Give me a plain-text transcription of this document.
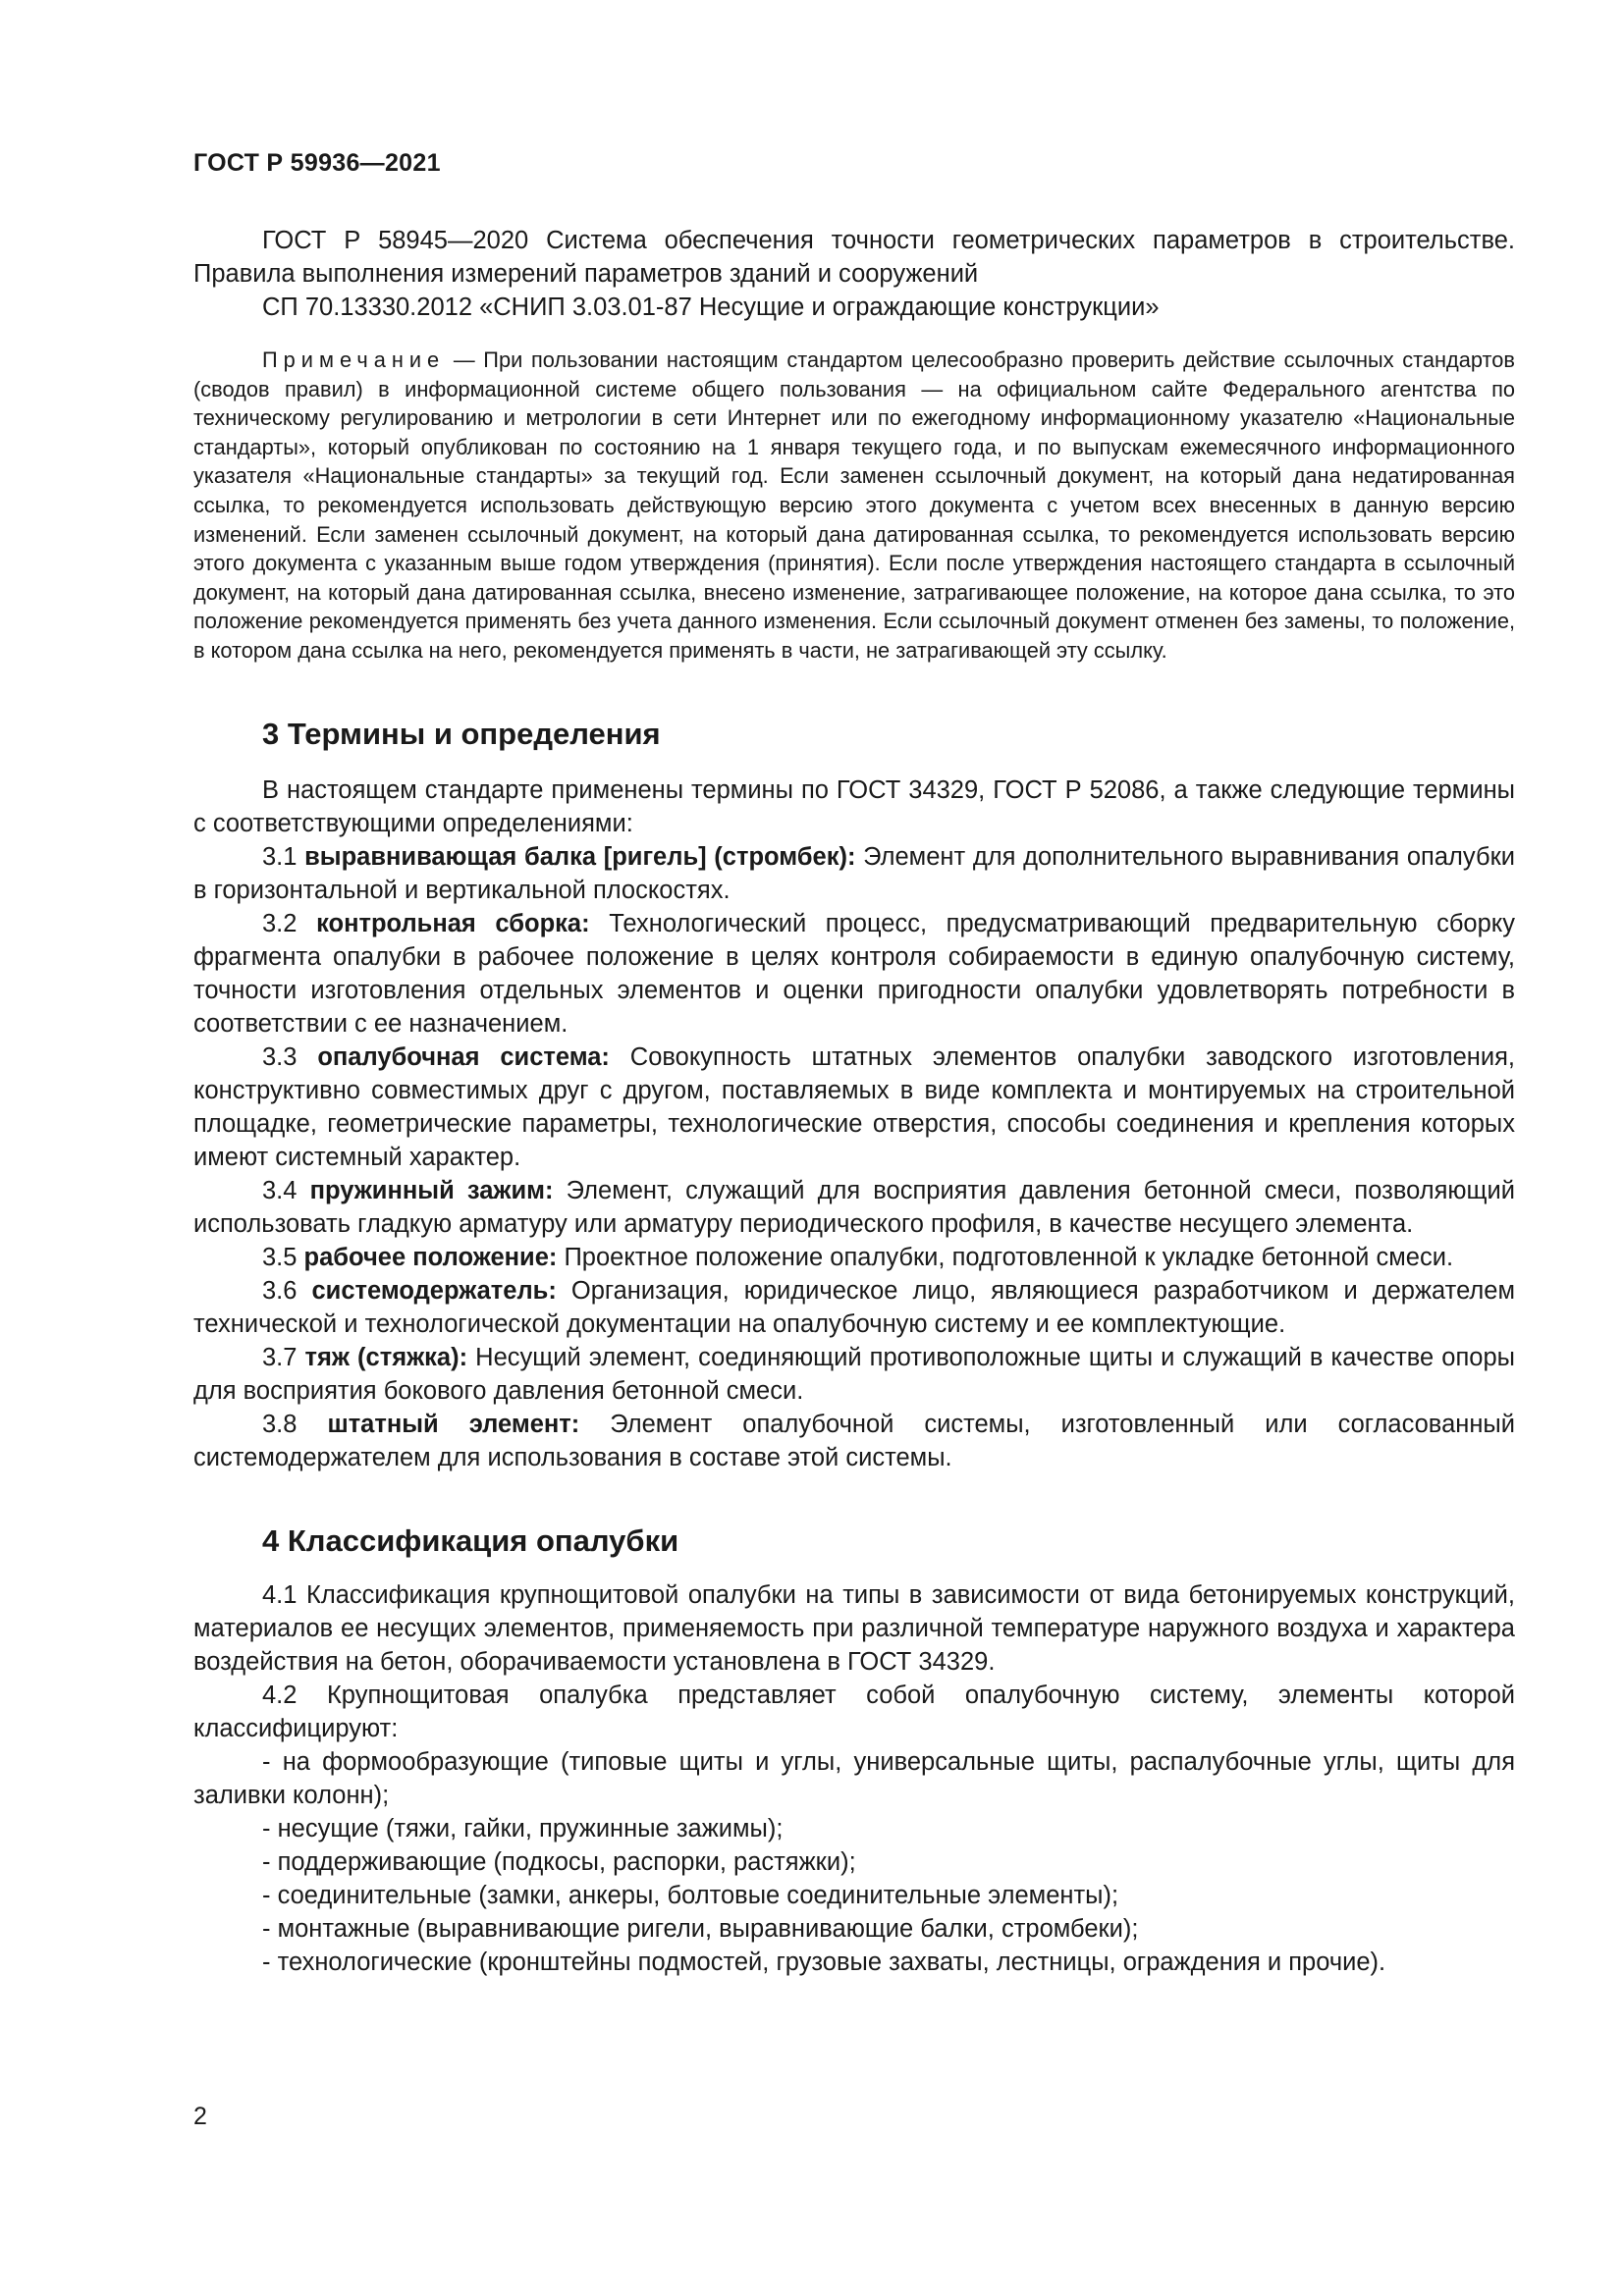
ГОСТ Р 59936—2021

ГОСТ Р 58945—2020 Система обеспечения точности геометрических параметров в строительстве. Правила выполнения измерений параметров зданий и сооружений

СП 70.13330.2012 «СНИП 3.03.01-87 Несущие и ограждающие конструкции»

Примечание — При пользовании настоящим стандартом целесообразно проверить действие ссылочных стандартов (сводов правил) в информационной системе общего пользования — на официальном сайте Федерального агентства по техническому регулированию и метрологии в сети Интернет или по ежегодному информационному указателю «Национальные стандарты», который опубликован по состоянию на 1 января текущего года, и по выпускам ежемесячного информационного указателя «Национальные стандарты» за текущий год. Если заменен ссылочный документ, на который дана недатированная ссылка, то рекомендуется использовать действующую версию этого документа с учетом всех внесенных в данную версию изменений. Если заменен ссылочный документ, на который дана датированная ссылка, то рекомендуется использовать версию этого документа с указанным выше годом утверждения (принятия). Если после утверждения настоящего стандарта в ссылочный документ, на который дана датированная ссылка, внесено изменение, затрагивающее положение, на которое дана ссылка, то это положение рекомендуется применять без учета данного изменения. Если ссылочный документ отменен без замены, то положение, в котором дана ссылка на него, рекомендуется применять в части, не затрагивающей эту ссылку.

3 Термины и определения

В настоящем стандарте применены термины по ГОСТ 34329, ГОСТ Р 52086, а также следующие термины с соответствующими определениями:

3.1 выравнивающая балка [ригель] (стромбек): Элемент для дополнительного выравнивания опалубки в горизонтальной и вертикальной плоскостях.

3.2 контрольная сборка: Технологический процесс, предусматривающий предварительную сборку фрагмента опалубки в рабочее положение в целях контроля собираемости в единую опалубочную систему, точности изготовления отдельных элементов и оценки пригодности опалубки удовлетворять потребности в соответствии с ее назначением.

3.3 опалубочная система: Совокупность штатных элементов опалубки заводского изготовления, конструктивно совместимых друг с другом, поставляемых в виде комплекта и монтируемых на строительной площадке, геометрические параметры, технологические отверстия, способы соединения и крепления которых имеют системный характер.

3.4 пружинный зажим: Элемент, служащий для восприятия давления бетонной смеси, позволяющий использовать гладкую арматуру или арматуру периодического профиля, в качестве несущего элемента.

3.5 рабочее положение: Проектное положение опалубки, подготовленной к укладке бетонной смеси.

3.6 системодержатель: Организация, юридическое лицо, являющиеся разработчиком и держателем технической и технологической документации на опалубочную систему и ее комплектующие.

3.7 тяж (стяжка): Несущий элемент, соединяющий противоположные щиты и служащий в качестве опоры для восприятия бокового давления бетонной смеси.

3.8 штатный элемент: Элемент опалубочной системы, изготовленный или согласованный системодержателем для использования в составе этой системы.

4 Классификация опалубки

4.1 Классификация крупнощитовой опалубки на типы в зависимости от вида бетонируемых конструкций, материалов ее несущих элементов, применяемость при различной температуре наружного воздуха и характера воздействия на бетон, оборачиваемости установлена в ГОСТ 34329.

4.2 Крупнощитовая опалубка представляет собой опалубочную систему, элементы которой классифицируют:

- на формообразующие (типовые щиты и углы, универсальные щиты, распалубочные углы, щиты для заливки колонн);

- несущие (тяжи, гайки, пружинные зажимы);

- поддерживающие (подкосы, распорки, растяжки);

- соединительные (замки, анкеры, болтовые соединительные элементы);

- монтажные (выравнивающие ригели, выравнивающие балки, стромбеки);

- технологические (кронштейны подмостей, грузовые захваты, лестницы, ограждения и прочие).

2
